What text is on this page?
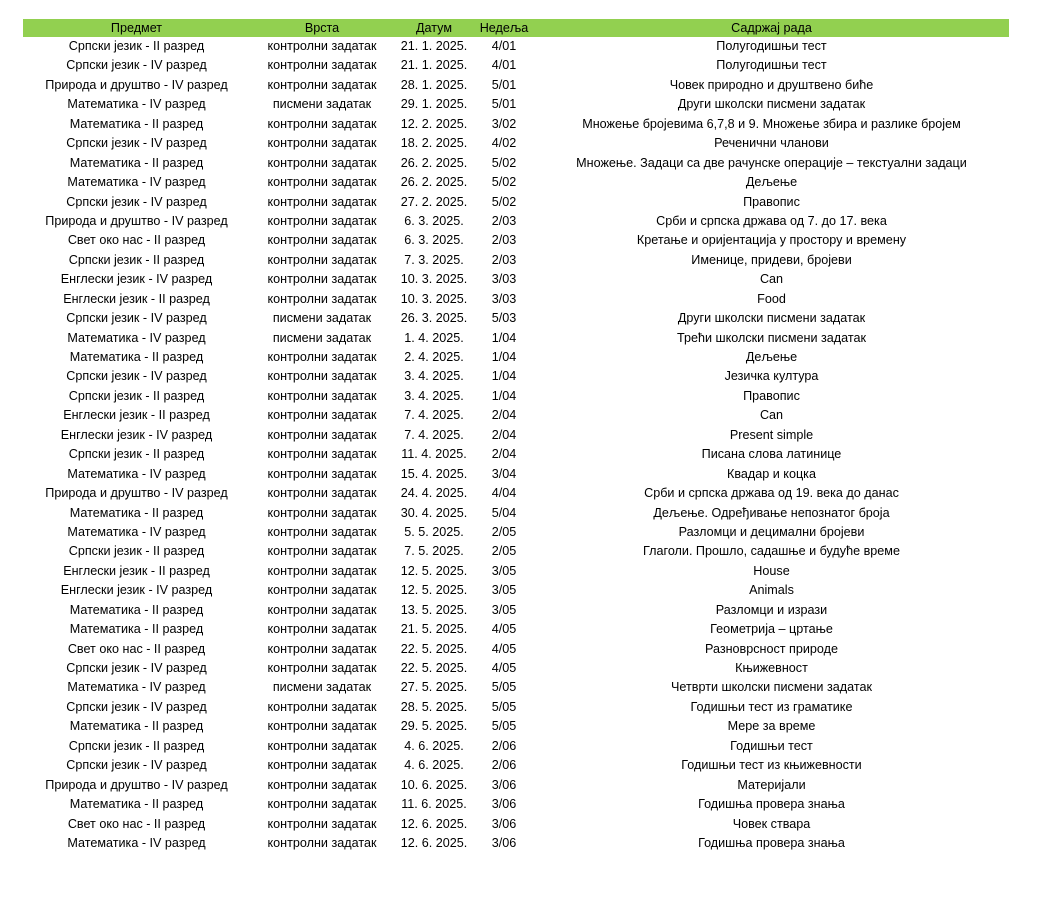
Предмет	Врста	Датум	Недеља	Садржај рада
Српски језик - II разред	контролни задатак	21. 1. 2025.	4/01	Полугодишњи тест
Српски језик - IV разред	контролни задатак	21. 1. 2025.	4/01	Полугодишњи тест
Природа и друштво - IV разред	контролни задатак	28. 1. 2025.	5/01	Човек природно и друштвено биће
Математика - IV разред	писмени задатак	29. 1. 2025.	5/01	Други школски писмени задатак
Математика - II разред	контролни задатак	12. 2. 2025.	3/02	Множење бројевима 6,7,8 и 9. Множење збира и разлике бројем
Српски језик - IV разред	контролни задатак	18. 2. 2025.	4/02	Реченични чланови
Математика - II разред	контролни задатак	26. 2. 2025.	5/02	Множење. Задаци са две рачунске операције – текстуални задаци
Математика - IV разред	контролни задатак	26. 2. 2025.	5/02	Дељење
Српски језик - IV разред	контролни задатак	27. 2. 2025.	5/02	Правопис
Природа и друштво - IV разред	контролни задатак	6. 3. 2025.	2/03	Срби и српска држава од 7. до 17. века
Свет око нас - II разред	контролни задатак	6. 3. 2025.	2/03	Кретање и оријентација у простору и времену
Српски језик - II разред	контролни задатак	7. 3. 2025.	2/03	Именице, придеви, бројеви
Енглески језик - IV разред	контролни задатак	10. 3. 2025.	3/03	Can
Енглески језик - II разред	контролни задатак	10. 3. 2025.	3/03	Food
Српски језик - IV разред	писмени задатак	26. 3. 2025.	5/03	Други школски писмени задатак
Математика - IV разред	писмени задатак	1. 4. 2025.	1/04	Трећи школски писмени задатак
Математика - II разред	контролни задатак	2. 4. 2025.	1/04	Дељење
Српски језик - IV разред	контролни задатак	3. 4. 2025.	1/04	Језичка култура
Српски језик - II разред	контролни задатак	3. 4. 2025.	1/04	Правопис
Енглески језик - II разред	контролни задатак	7. 4. 2025.	2/04	Can
Енглески језик - IV разред	контролни задатак	7. 4. 2025.	2/04	Present simple
Српски језик - II разред	контролни задатак	11. 4. 2025.	2/04	Писана слова латинице
Математика - IV разред	контролни задатак	15. 4. 2025.	3/04	Квадар и коцка
Природа и друштво - IV разред	контролни задатак	24. 4. 2025.	4/04	Срби и српска држава од 19. века до данас
Математика - II разред	контролни задатак	30. 4. 2025.	5/04	Дељење. Одређивање непознатог броја
Математика - IV разред	контролни задатак	5. 5. 2025.	2/05	Разломци и децимални бројеви
Српски језик - II разред	контролни задатак	7. 5. 2025.	2/05	Глаголи. Прошло, садашње и будуће време
Енглески језик - II разред	контролни задатак	12. 5. 2025.	3/05	House
Енглески језик - IV разред	контролни задатак	12. 5. 2025.	3/05	Animals
Математика - II разред	контролни задатак	13. 5. 2025.	3/05	Разломци и изрази
Математика - II разред	контролни задатак	21. 5. 2025.	4/05	Геометрија – цртање
Свет око нас - II разред	контролни задатак	22. 5. 2025.	4/05	Разноврсност природе
Српски језик - IV разред	контролни задатак	22. 5. 2025.	4/05	Књижевност
Математика - IV разред	писмени задатак	27. 5. 2025.	5/05	Четврти школски писмени задатак
Српски језик - IV разред	контролни задатак	28. 5. 2025.	5/05	Годишњи тест из граматике
Математика - II разред	контролни задатак	29. 5. 2025.	5/05	Мере за време
Српски језик - II разред	контролни задатак	4. 6. 2025.	2/06	Годишњи тест
Српски језик - IV разред	контролни задатак	4. 6. 2025.	2/06	Годишњи тест из књижевности
Природа и друштво - IV разред	контролни задатак	10. 6. 2025.	3/06	Материјали
Математика - II разред	контролни задатак	11. 6. 2025.	3/06	Годишња провера знања
Свет око нас - II разред	контролни задатак	12. 6. 2025.	3/06	Човек ствара
Математика - IV разред	контролни задатак	12. 6. 2025.	3/06	Годишња провера знања
